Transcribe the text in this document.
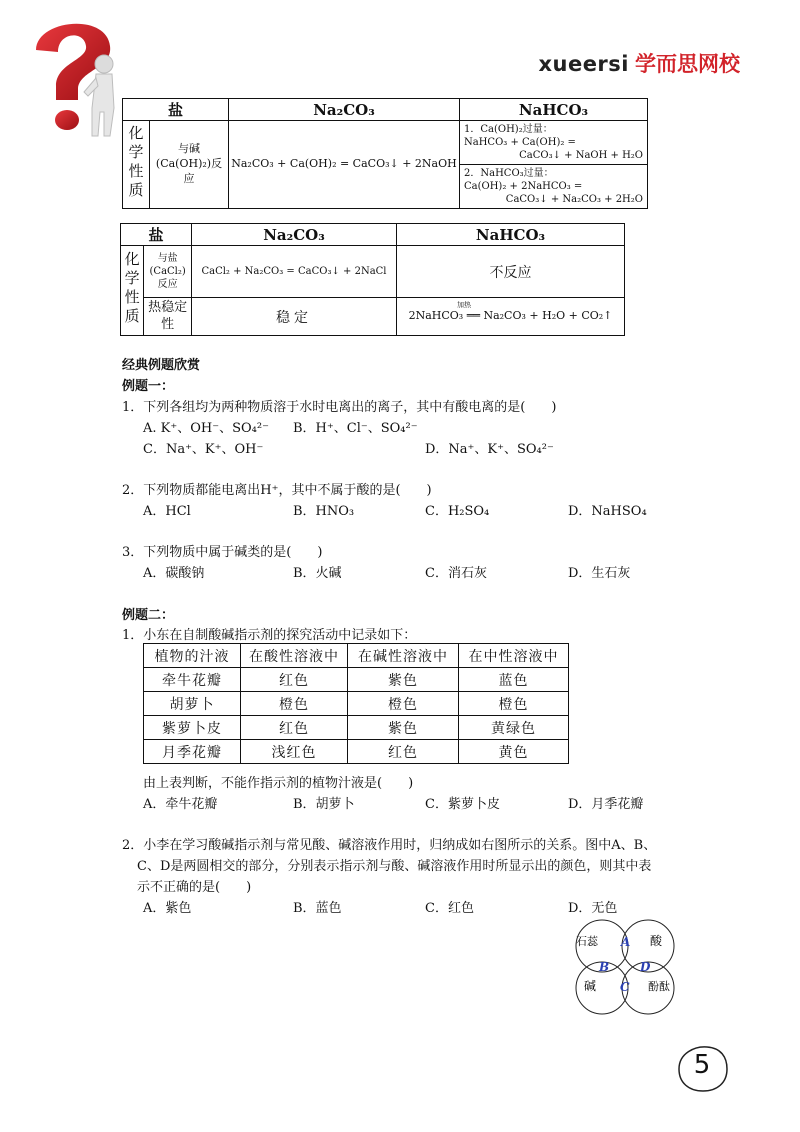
xueersi 学而思网校
盐		Na₂CO₃	NaHCO₃
化学性质	与碱(Ca(OH)₂)反应	Na₂CO₃ + Ca(OH)₂ = CaCO₃↓ + 2NaOH	1．Ca(OH)₂过量：
NaHCO₃ + Ca(OH)₂ =
CaCO₃↓ + NaOH + H₂O

			2．NaHCO₃过量：
Ca(OH)₂ + 2NaHCO₃ =
CaCO₃↓ + Na₂CO₃ + 2H₂O
盐		Na₂CO₃	NaHCO₃
化学性质	与盐
(CaCl₂)
反应	CaCl₂ + Na₂CO₃ = CaCO₃↓ + 2NaCl	不反应
	热稳定性	稳定	加热
2NaHCO₃ ══ Na₂CO₃ + H₂O + CO₂↑
经典例题欣赏
例题一：
1．下列各组均为两种物质溶于水时电离出的离子，其中有酸电离的是(　　)
A. K⁺、OH⁻、SO₄²⁻ B．H⁺、Cl⁻、SO₄²⁻
C．Na⁺、K⁺、OH⁻	D．Na⁺、K⁺、SO₄²⁻
2．下列物质都能电离出H⁺，其中不属于酸的是(　　)
A．HCl	B．HNO₃	C．H₂SO₄	D．NaHSO₄
3．下列物质中属于碱类的是(　　)
A．碳酸钠	B．火碱	C．消石灰	D．生石灰
例题二：
1．小东在自制酸碱指示剂的探究活动中记录如下：
植物的汁液	在酸性溶液中	在碱性溶液中	在中性溶液中
牵牛花瓣	红色	紫色	蓝色
胡萝卜	橙色	橙色	橙色
紫萝卜皮	红色	紫色	黄绿色
月季花瓣	浅红色	红色	黄色
由上表判断，不能作指示剂的植物汁液是(　　)
A．牵牛花瓣	B．胡萝卜	C．紫萝卜皮	D．月季花瓣
2．小李在学习酸碱指示剂与常见酸、碱溶液作用时，归纳成如右图所示的关系。图中A、B、
C、D是两圆相交的部分，分别表示指示剂与酸、碱溶液作用时所显示出的颜色，则其中表
示不正确的是(　　)
A．紫色	B．蓝色	C．红色	D．无色
石蕊	酸
碱	酚酞
A
B
C
D
5
